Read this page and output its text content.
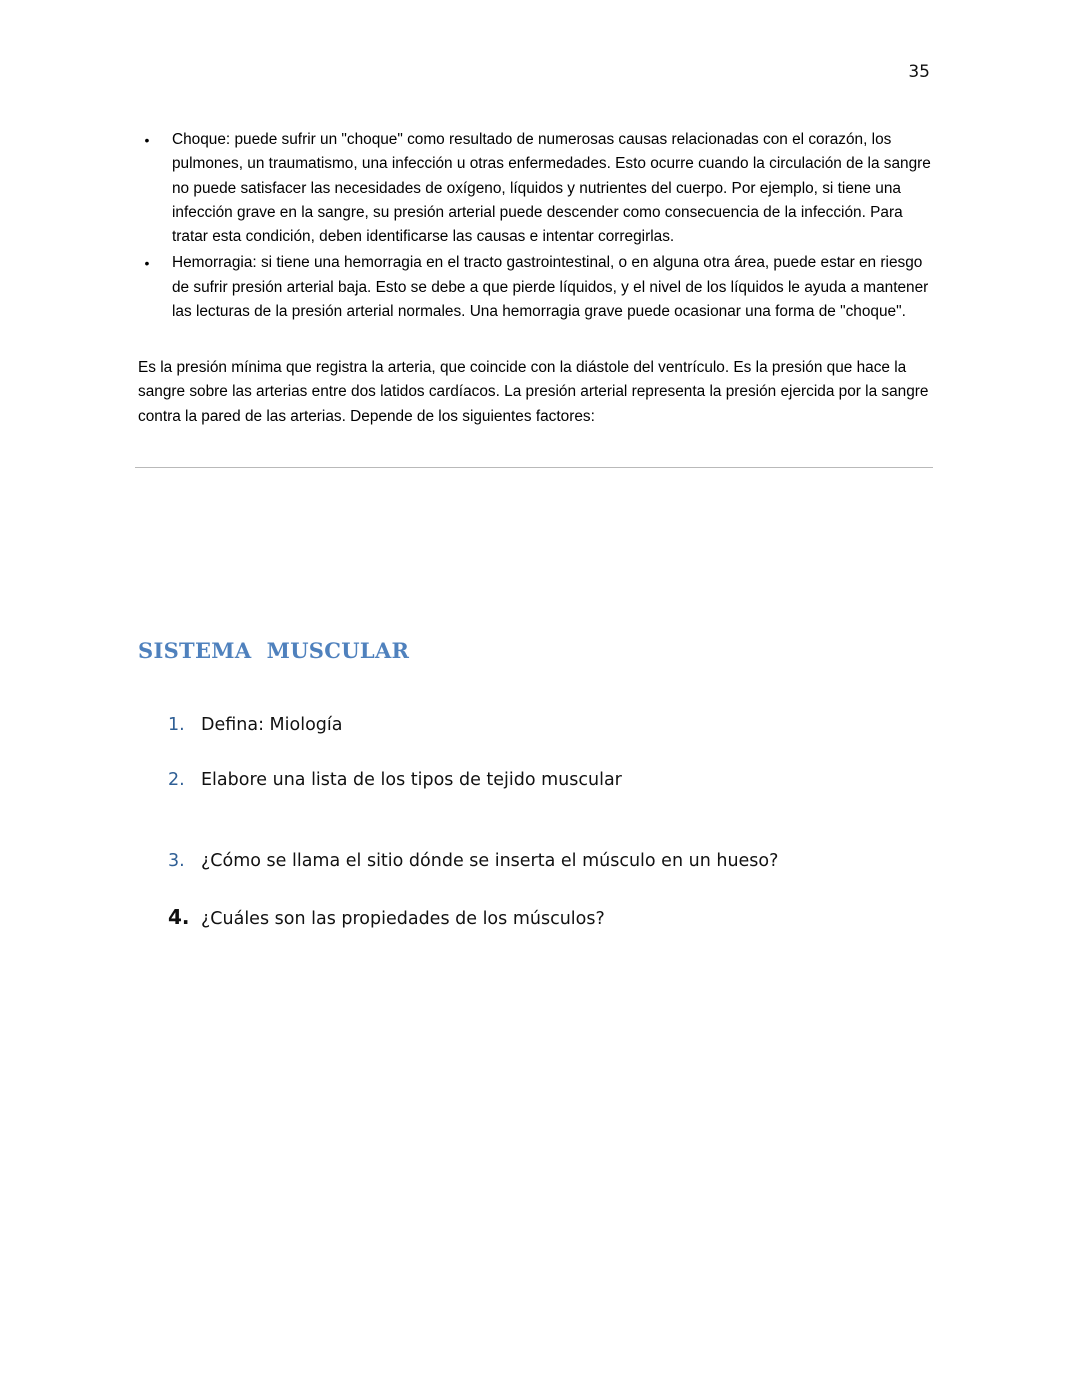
35
• Choque: puede sufrir un "choque" como resultado de numerosas causas relacionadas con el corazón, los pulmones, un traumatismo, una infección u otras enfermedades. Esto ocurre cuando la circulación de la sangre no puede satisfacer las necesidades de oxígeno, líquidos y nutrientes del cuerpo. Por ejemplo, si tiene una infección grave en la sangre, su presión arterial puede descender como consecuencia de la infección. Para tratar esta condición, deben identificarse las causas e intentar corregirlas.
• Hemorragia: si tiene una hemorragia en el tracto gastrointestinal, o en alguna otra área, puede estar en riesgo de sufrir presión arterial baja. Esto se debe a que pierde líquidos, y el nivel de los líquidos le ayuda a mantener las lecturas de la presión arterial normales. Una hemorragia grave puede ocasionar una forma de "choque".

Es la presión mínima que registra la arteria, que coincide con la diástole del ventrículo. Es la presión que hace la sangre sobre las arterias entre dos latidos cardíacos. La presión arterial representa la presión ejercida por la sangre contra la pared de las arterias. Depende de los siguientes factores:

SISTEMA  MUSCULAR
1. Defina: Miología
2. Elabore una lista de los tipos de tejido muscular
3. ¿Cómo se llama el sitio dónde se inserta el músculo en un hueso?
4. ¿Cuáles son las propiedades de los músculos?
